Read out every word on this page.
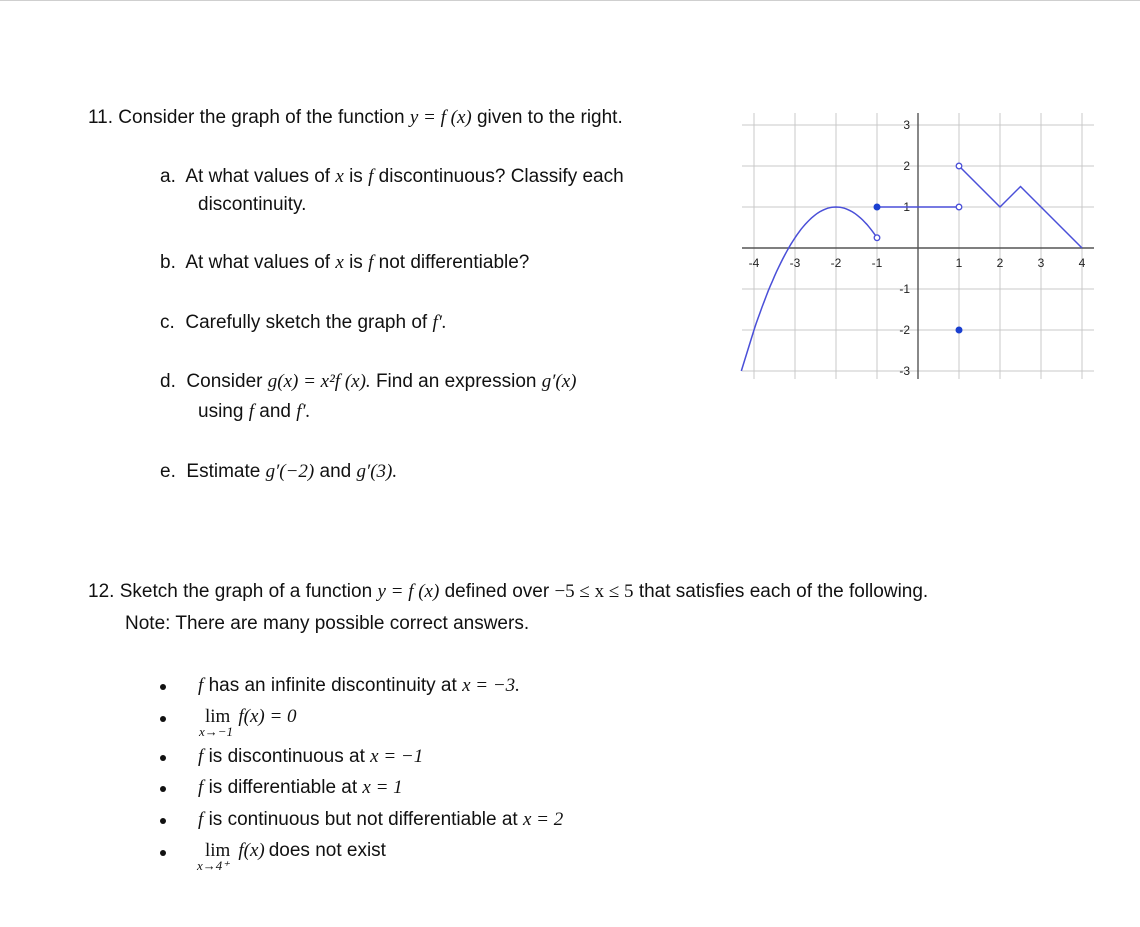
11. Consider the graph of the function y = f (x) given to the right.
a. At what values of x is f discontinuous? Classify each
discontinuity.
b. At what values of x is f not differentiable?
c. Carefully sketch the graph of f′.
d. Consider g(x) = x²f (x). Find an expression g′(x)
using f and f′.
e. Estimate g′(−2) and g′(3).
-4	-3	-2	-1	1	2	3	4
3
2
1
-1
-2
-3
12. Sketch the graph of a function y = f (x) defined over −5 ≤ x ≤ 5 that satisfies each of the following.
Note: There are many possible correct answers.
f has an infinite discontinuity at x = −3.
lim
x→−1
f(x) = 0
f is discontinuous at x = −1
f is differentiable at x = 1
f is continuous but not differentiable at x = 2
lim
x→4⁺
f(x) does not exist
